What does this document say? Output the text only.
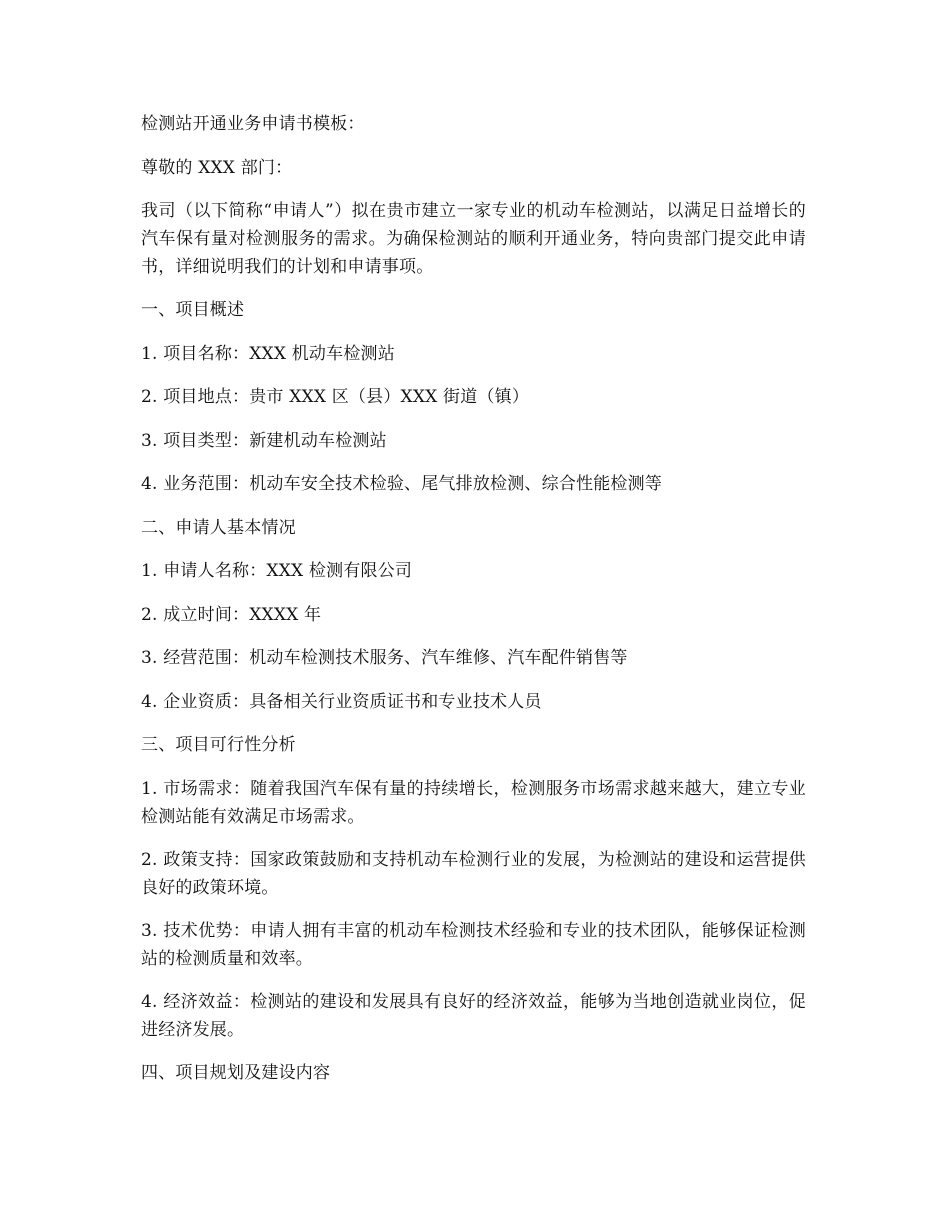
检测站开通业务申请书模板：

尊敬的 XXX 部门：

我司（以下简称“申请人”）拟在贵市建立一家专业的机动车检测站，以满足日益增长的汽车保有量对检测服务的需求。为确保检测站的顺利开通业务，特向贵部门提交此申请书，详细说明我们的计划和申请事项。

一、项目概述

1. 项目名称：XXX 机动车检测站

2. 项目地点：贵市 XXX 区（县）XXX 街道（镇）

3. 项目类型：新建机动车检测站

4. 业务范围：机动车安全技术检验、尾气排放检测、综合性能检测等

二、申请人基本情况

1. 申请人名称：XXX 检测有限公司

2. 成立时间：XXXX 年

3. 经营范围：机动车检测技术服务、汽车维修、汽车配件销售等

4. 企业资质：具备相关行业资质证书和专业技术人员

三、项目可行性分析

1. 市场需求：随着我国汽车保有量的持续增长，检测服务市场需求越来越大，建立专业检测站能有效满足市场需求。

2. 政策支持：国家政策鼓励和支持机动车检测行业的发展，为检测站的建设和运营提供良好的政策环境。

3. 技术优势：申请人拥有丰富的机动车检测技术经验和专业的技术团队，能够保证检测站的检测质量和效率。

4. 经济效益：检测站的建设和发展具有良好的经济效益，能够为当地创造就业岗位，促进经济发展。

四、项目规划及建设内容
